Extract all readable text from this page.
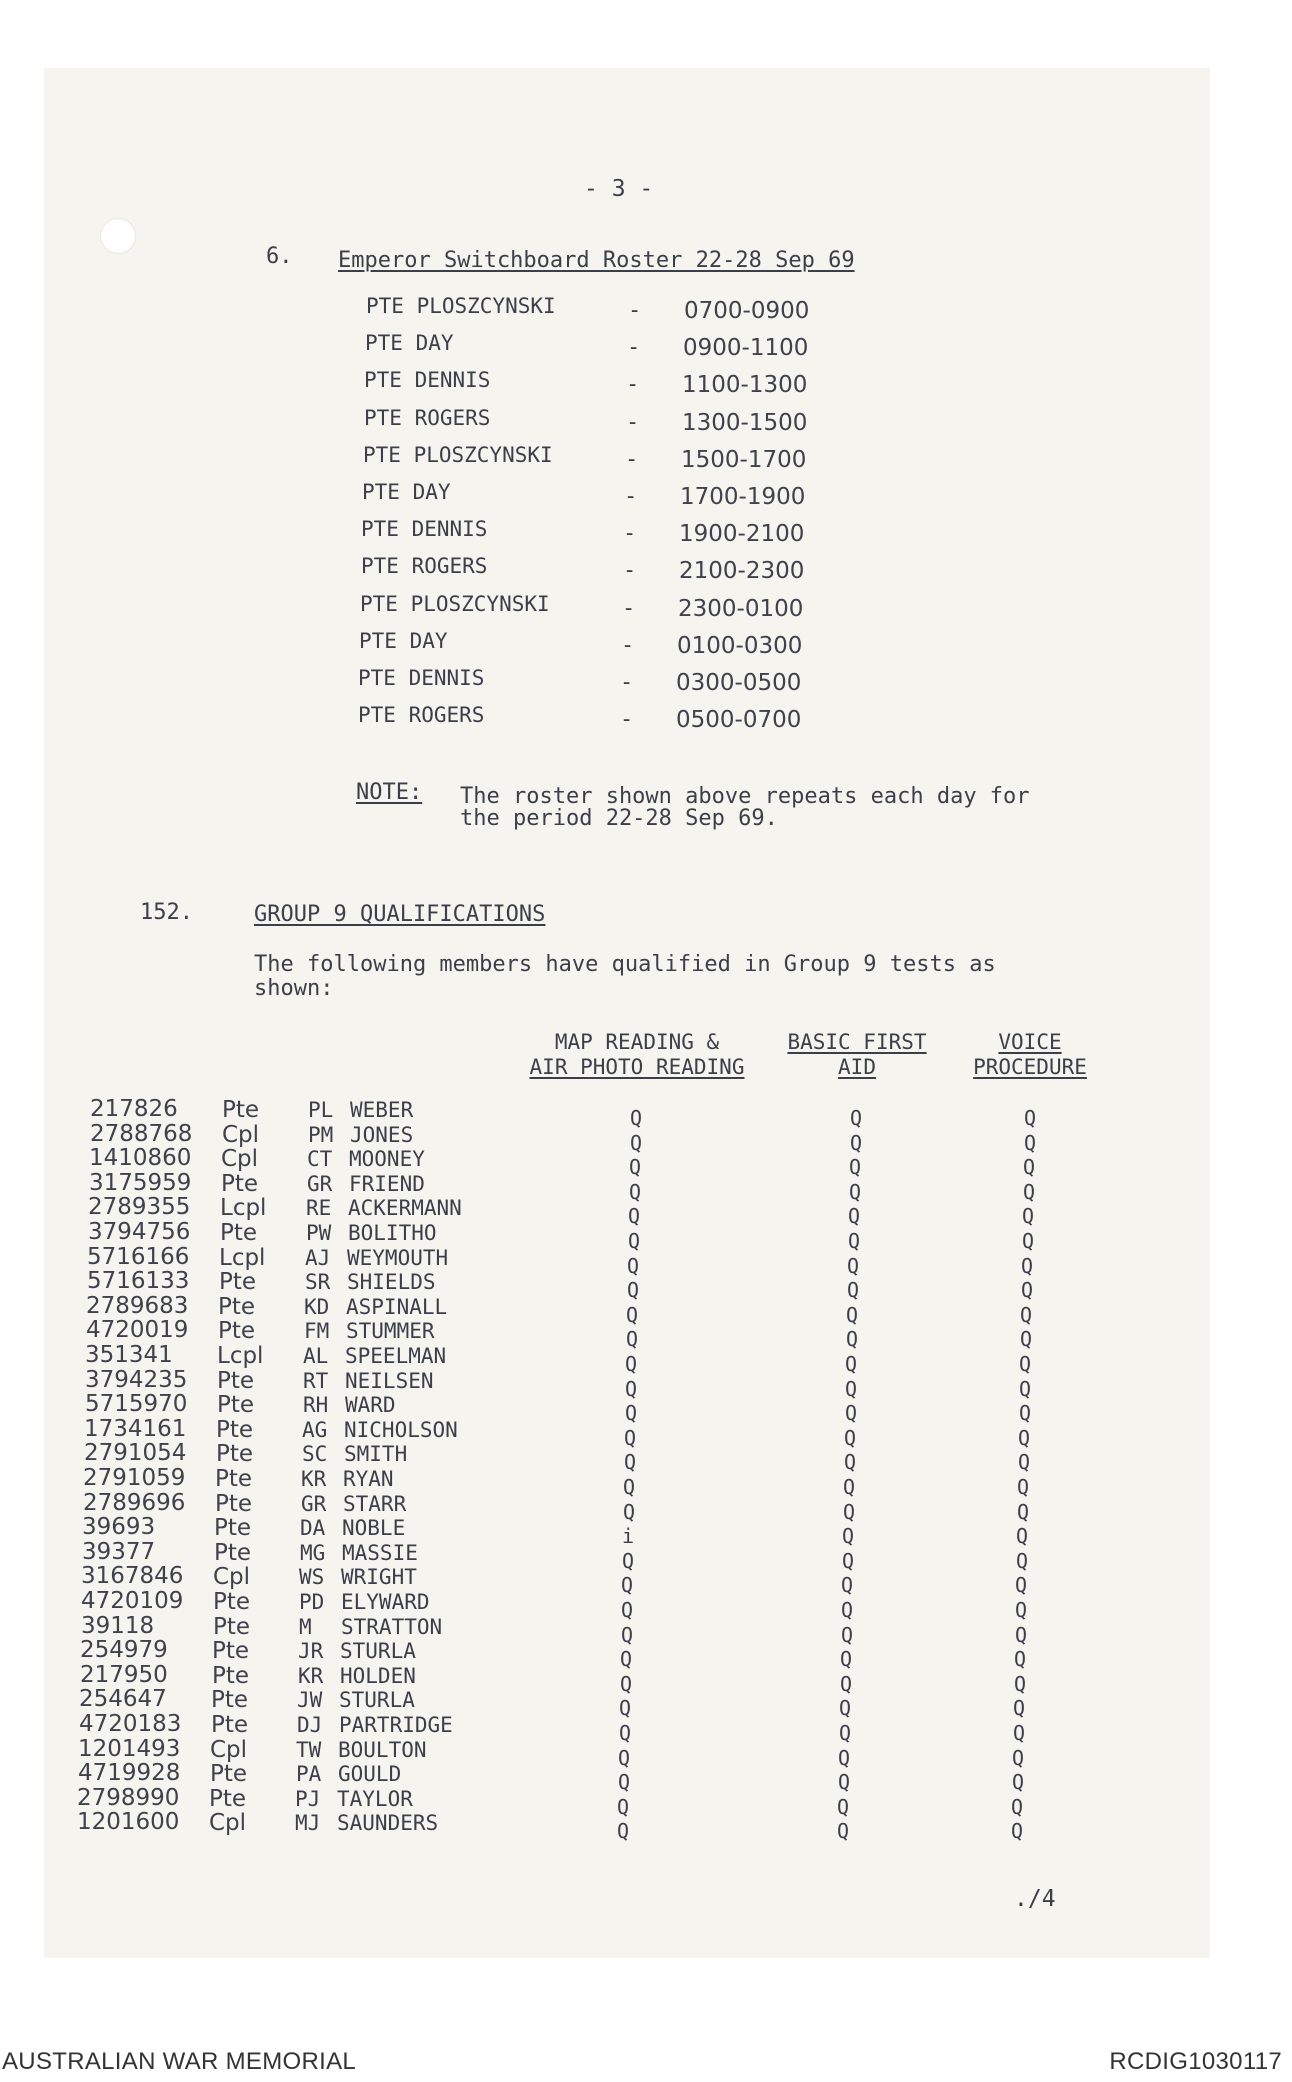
- 3 -
6. Emperor Switchboard Roster 22-28 Sep 69
PTE PLOSZCYNSKI	- 0700-0900
PTE DAY	- 0900-1100
PTE DENNIS	- 1100-1300
PTE ROGERS	- 1300-1500
PTE PLOSZCYNSKI	- 1500-1700
PTE DAY	- 1700-1900
PTE DENNIS	- 1900-2100
PTE ROGERS	- 2100-2300
PTE PLOSZCYNSKI	- 2300-0100
PTE DAY	- 0100-0300
PTE DENNIS	- 0300-0500
PTE ROGERS	- 0500-0700
NOTE: The roster shown above repeats each day for
the period 22-28 Sep 69.
152.	GROUP 9 QUALIFICATIONS
The following members have qualified in Group 9 tests as
shown:
MAP READING &
AIR PHOTO READING
BASIC FIRST
AID
VOICE
PROCEDURE
217826 Pte PL WEBER	Q	Q	Q
2788768 Cpl PM JONES	Q	Q	Q
1410860 Cpl CT MOONEY	Q	Q	Q
3175959 Pte GR FRIEND	Q	Q	Q
2789355 Lcpl RE ACKERMANN	Q	Q	Q
3794756 Pte PW BOLITHO	Q	Q	Q
5716166 Lcpl AJ WEYMOUTH	Q	Q	Q
5716133 Pte SR SHIELDS	Q	Q	Q
2789683 Pte KD ASPINALL	Q	Q	Q
4720019 Pte FM STUMMER	Q	Q	Q
351341 Lcpl AL SPEELMAN	Q	Q	Q
3794235 Pte RT NEILSEN	Q	Q	Q
5715970 Pte RH WARD	Q	Q	Q
1734161 Pte AG NICHOLSON	Q	Q	Q
2791054 Pte SC SMITH	Q	Q	Q
2791059 Pte KR RYAN	Q	Q	Q
2789696 Pte GR STARR	Q	Q	Q
39693	Pte DA NOBLE	i	Q	Q
39377	Pte MG MASSIE	Q	Q	Q
3167846 Cpl WS WRIGHT	Q	Q	Q
4720109 Pte PD ELYWARD	Q	Q	Q
39118	Pte M STRATTON	Q	Q	Q
254979 Pte JR STURLA	Q	Q	Q
217950 Pte KR HOLDEN	Q	Q	Q
254647 Pte JW STURLA	Q	Q	Q
4720183 Pte DJ PARTRIDGE	Q	Q	Q
1201493 Cpl TW BOULTON	Q	Q	Q
4719928 Pte PA GOULD	Q	Q	Q
2798990 Pte PJ TAYLOR	Q	Q	Q
1201600 Cpl MJ SAUNDERS	Q	Q	Q
./4
AUSTRALIAN WAR MEMORIAL	RCDIG1030117
